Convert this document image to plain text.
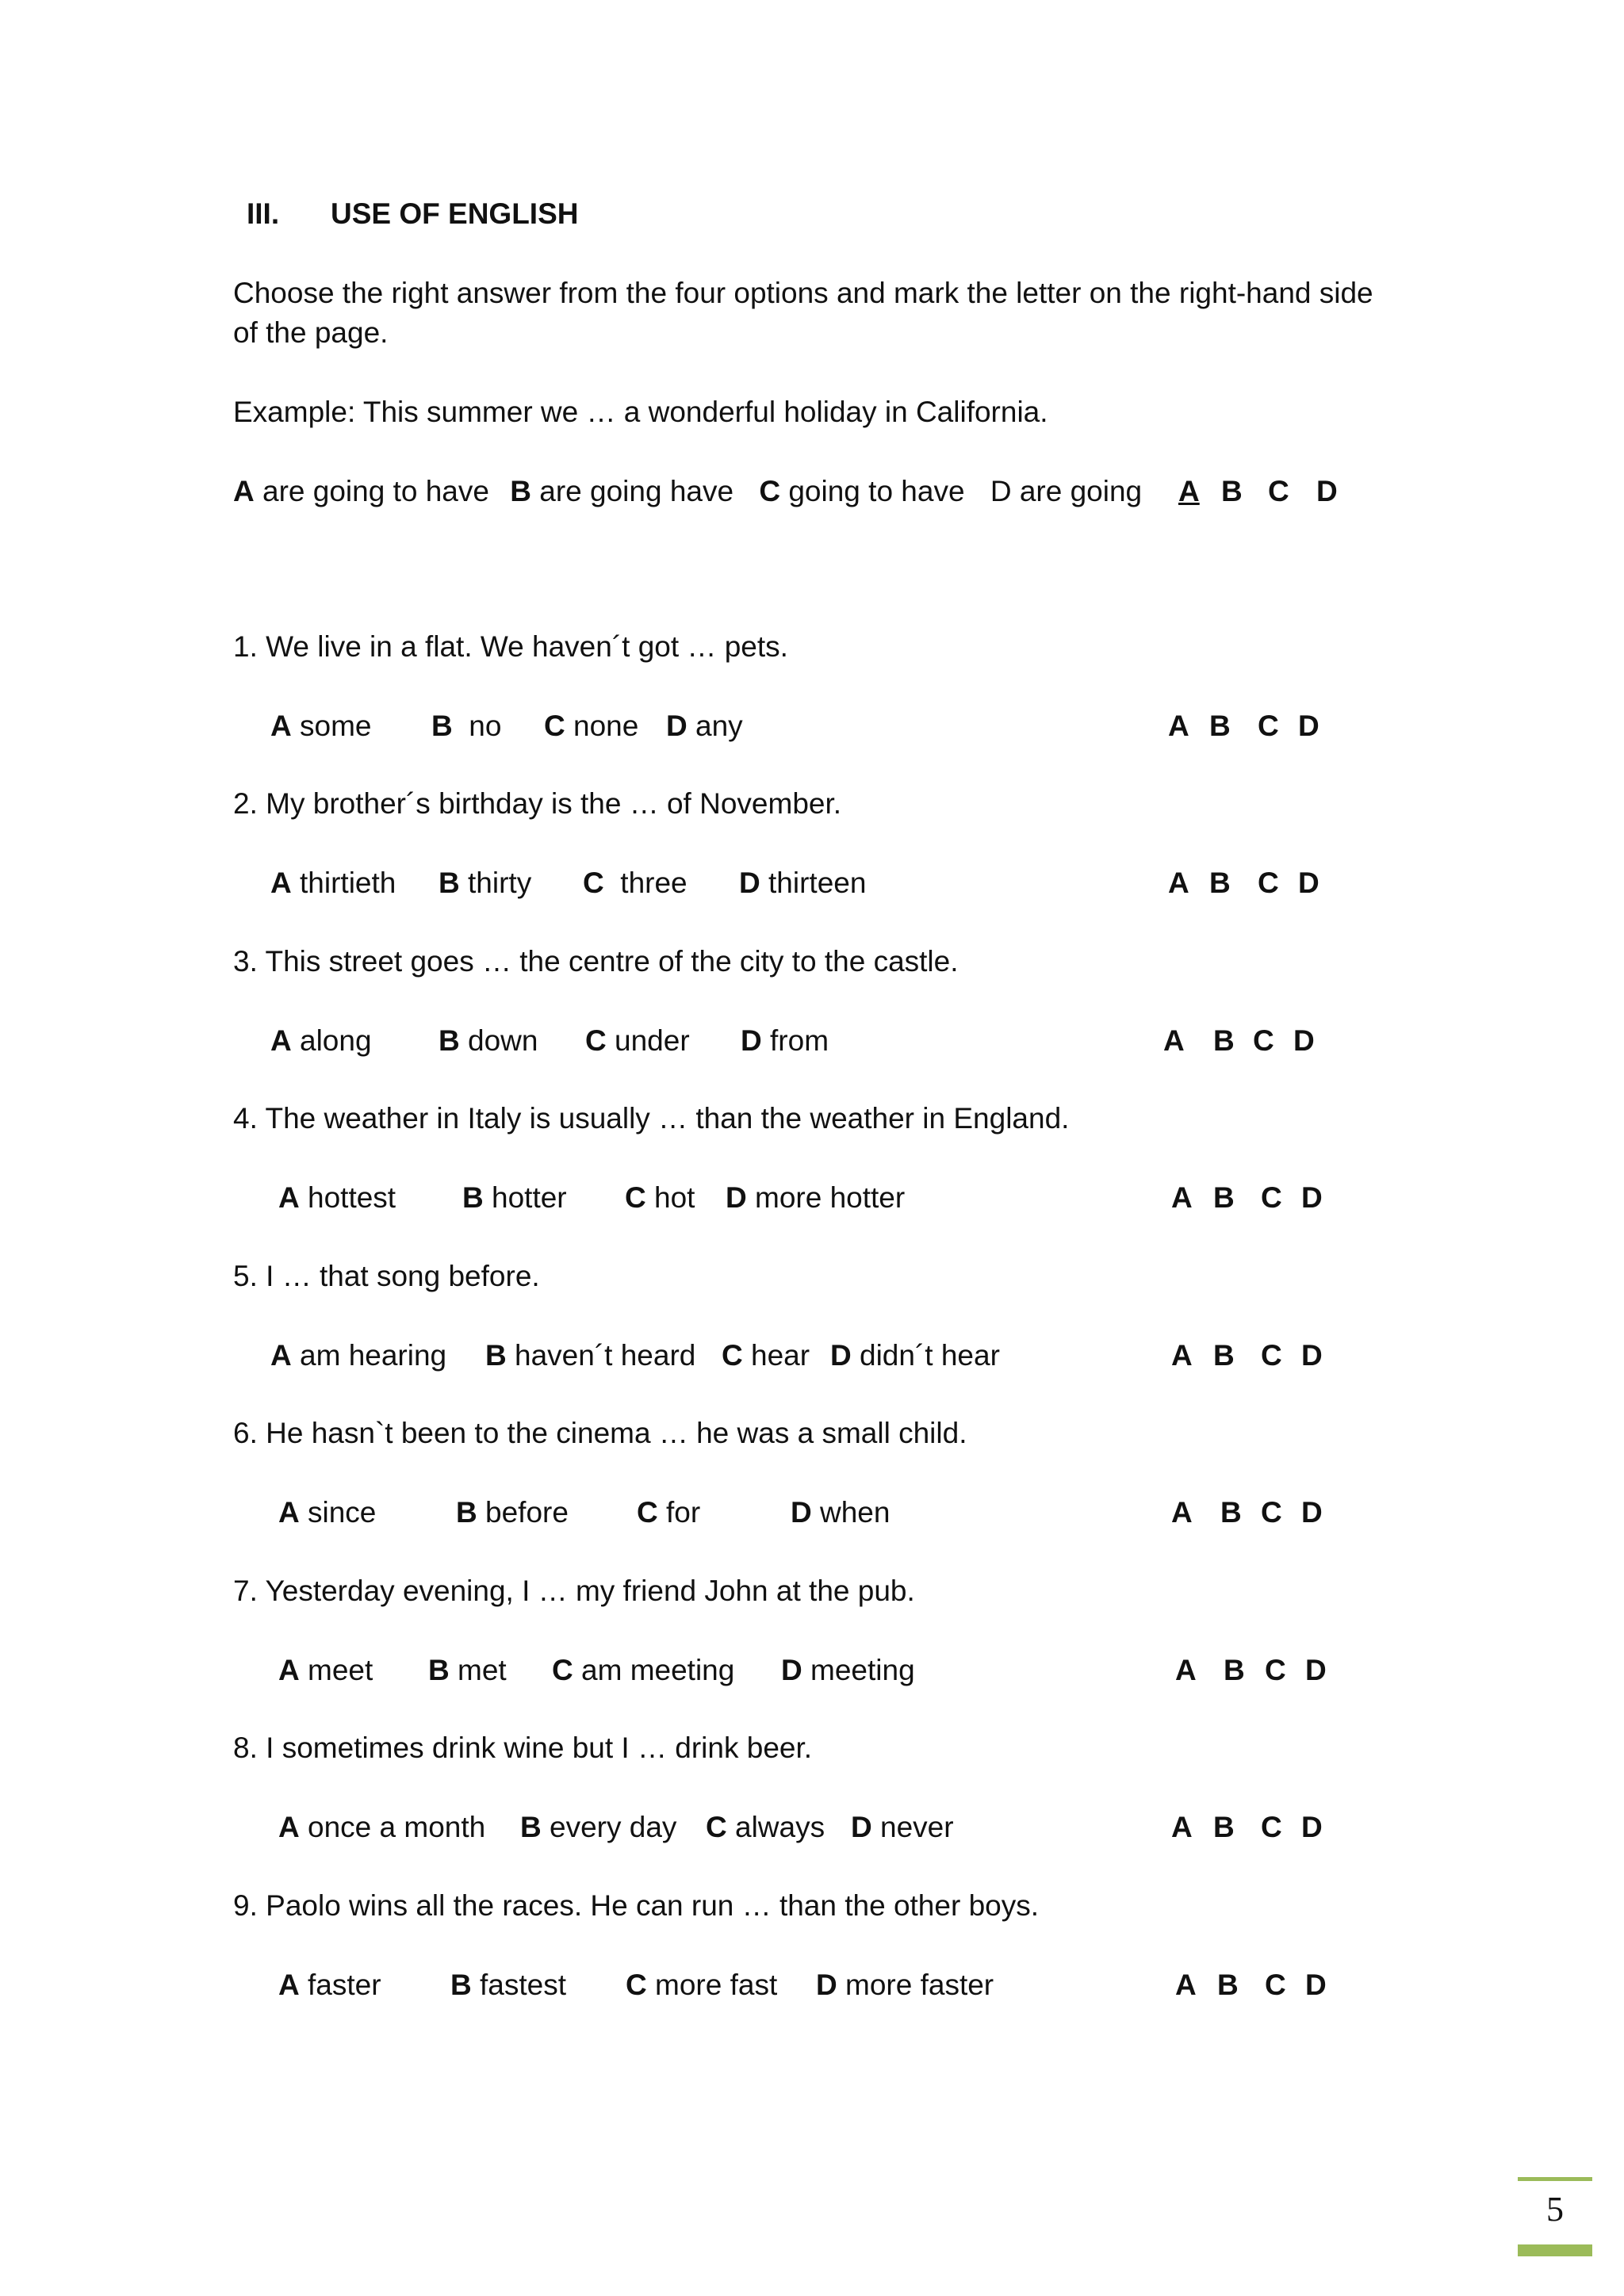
III. USE OF ENGLISH
Choose the right answer from the four options and mark the letter on the right-hand side
of the page.
Example: This summer we … a wonderful holiday in California.
A are going to have B are going have C going to have D are going A B C D
1. We live in a flat. We haven´t got … pets.
A some B  no C none D any	A B C D
2. My brother´s birthday is the … of November.
A thirtieth B thirty C  three D thirteen	A B C D
3. This street goes … the centre of the city to the castle.
A along B down C under D from	A B C D
4. The weather in Italy is usually … than the weather in England.
A hottest B hotter C hot D more hotter	A B C D
5. I … that song before.
A am hearing B haven´t heard C hear D didn´t hear	A B C D
6. He hasn`t been to the cinema … he was a small child.
A since	B before C for	D when	A B C D
7. Yesterday evening, I … my friend John at the pub.
A meet B met C am meeting D meeting	A B C D
8. I sometimes drink wine but I … drink beer.
A once a month B every day C always D never	A B C D
9. Paolo wins all the races. He can run … than the other boys.
A faster B fastest C more fast D more faster	A B C D
5
